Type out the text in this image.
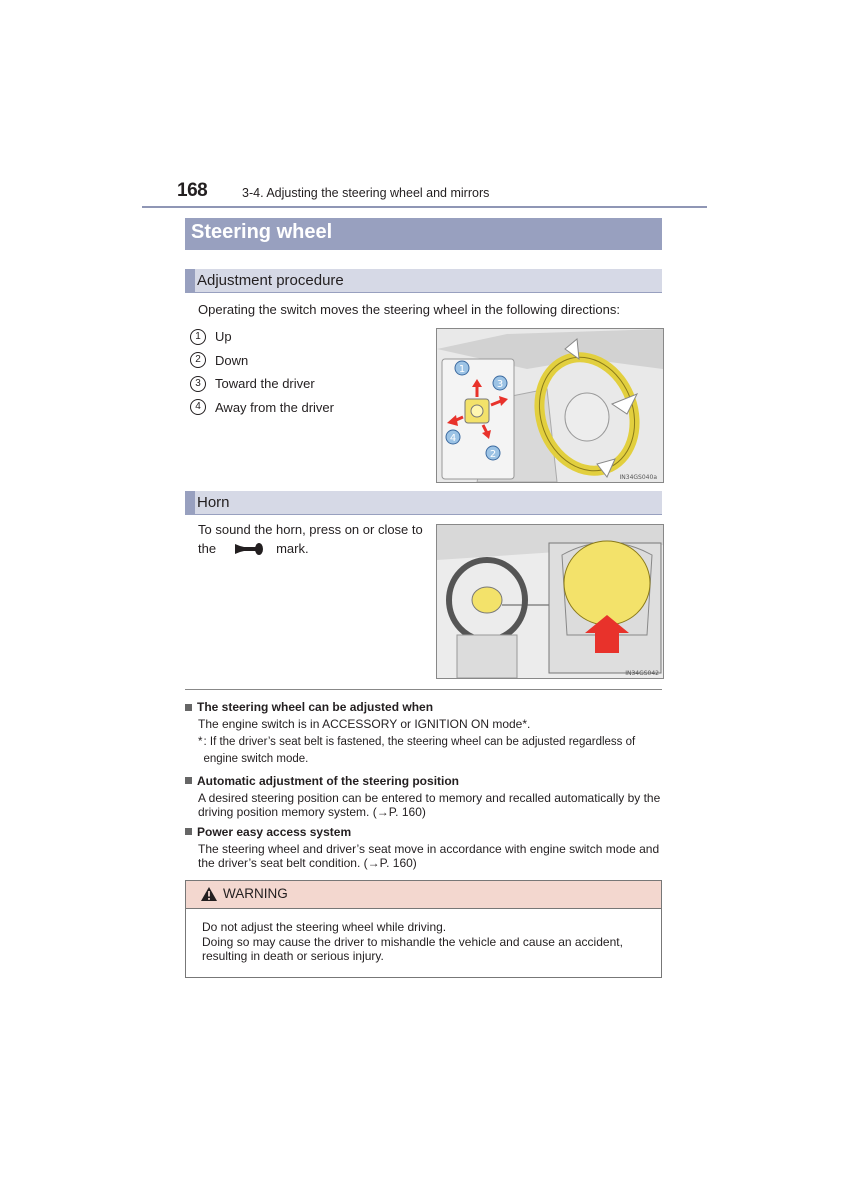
168	3-4. Adjusting the steering wheel and mirrors
Steering wheel
Adjustment procedure
Operating the switch moves the steering wheel in the following directions:
1	Up
2	Down
3	Toward the driver
4	Away from the driver
1
3
4
2
IN34GS040a
Horn
To sound the horn, press on or close to
the	mark.
IN34GS042
The steering wheel can be adjusted when
The engine switch is in ACCESSORY or IGNITION ON mode*.
* : If the driver’s seat belt is fastened, the steering wheel can be adjusted regardless of engine switch mode.
Automatic adjustment of the steering position
A desired steering position can be entered to memory and recalled automatically by the driving position memory system. (→P. 160)
Power easy access system
The steering wheel and driver’s seat move in accordance with engine switch mode and the driver’s seat belt condition. (→P. 160)
WARNING
Do not adjust the steering wheel while driving.
Doing so may cause the driver to mishandle the vehicle and cause an accident, resulting in death or serious injury.
